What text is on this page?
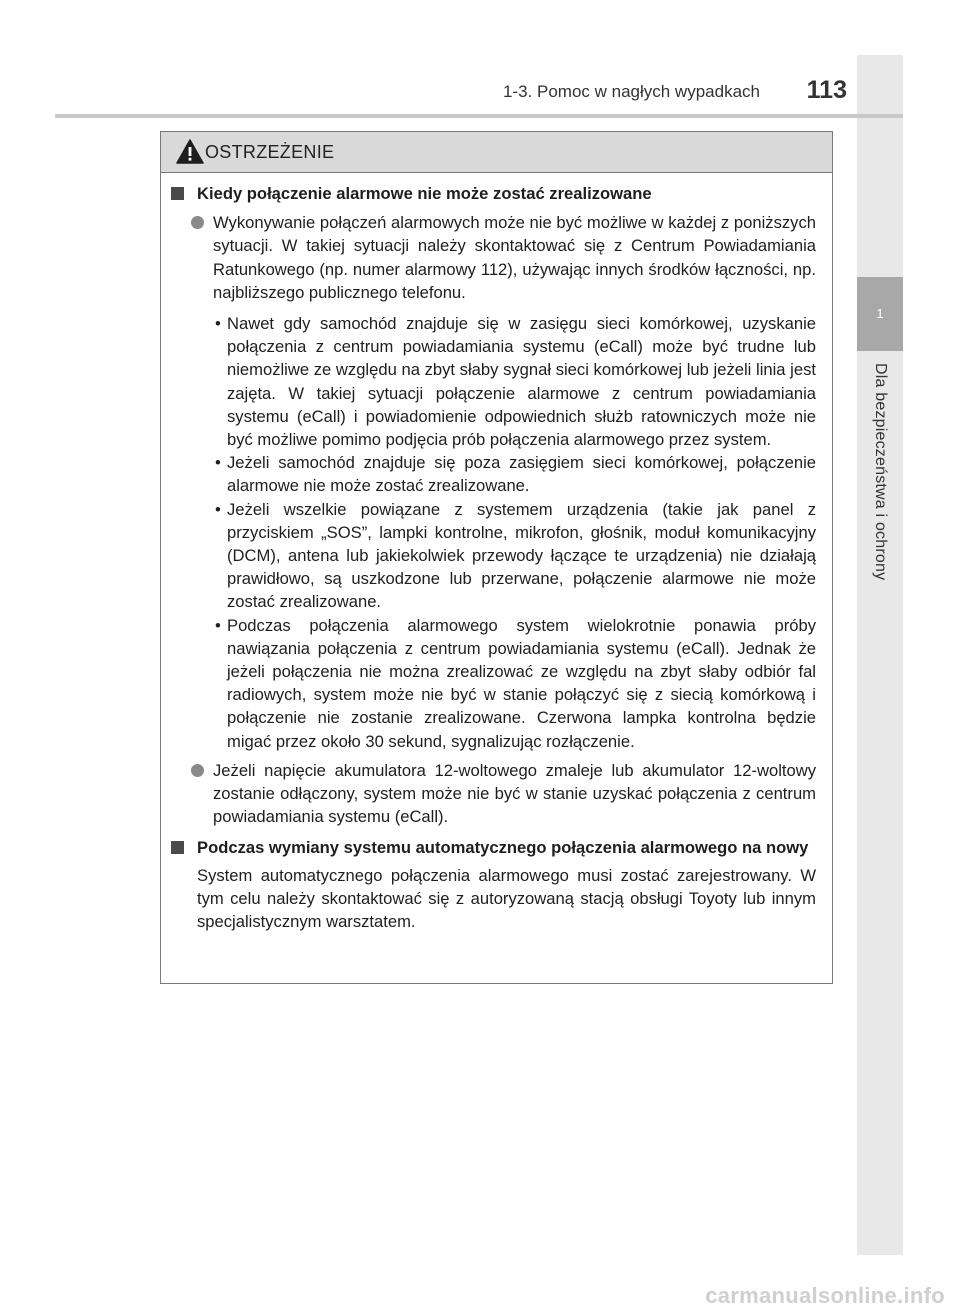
1
Dla bezpieczeństwa i ochrony
1-3. Pomoc w nagłych wypadkach	113
OSTRZEŻENIE
Kiedy połączenie alarmowe nie może zostać zrealizowane
Wykonywanie połączeń alarmowych może nie być możliwe w każdej z poniższych sytuacji. W takiej sytuacji należy skontaktować się z Centrum Powiadamiania Ratunkowego (np. numer alarmowy 112), używając innych środków łączności, np. najbliższego publicznego telefonu.

• Nawet gdy samochód znajduje się w zasięgu sieci komórkowej, uzyskanie połączenia z centrum powiadamiania systemu (eCall) może być trudne lub niemożliwe ze względu na zbyt słaby sygnał sieci komórkowej lub jeżeli linia jest zajęta. W takiej sytuacji połączenie alarmowe z centrum powiadamiania systemu (eCall) i powiadomienie odpowiednich służb ratowniczych może nie być możliwe pomimo podjęcia prób połączenia alarmowego przez system.

• Jeżeli samochód znajduje się poza zasięgiem sieci komórkowej, połączenie alarmowe nie może zostać zrealizowane.

• Jeżeli wszelkie powiązane z systemem urządzenia (takie jak panel z przyciskiem „SOS”, lampki kontrolne, mikrofon, głośnik, moduł komunikacyjny (DCM), antena lub jakiekolwiek przewody łączące te urządzenia) nie działają prawidłowo, są uszkodzone lub przerwane, połączenie alarmowe nie może zostać zrealizowane.

• Podczas połączenia alarmowego system wielokrotnie ponawia próby nawiązania połączenia z centrum powiadamiania systemu (eCall). Jednak że jeżeli połączenia nie można zrealizować ze względu na zbyt słaby odbiór fal radiowych, system może nie być w stanie połączyć się z siecią komórkową i połączenie nie zostanie zrealizowane. Czerwona lampka kontrolna będzie migać przez około 30 sekund, sygnalizując rozłączenie.

Jeżeli napięcie akumulatora 12-woltowego zmaleje lub akumulator 12-woltowy zostanie odłączony, system może nie być w stanie uzyskać połączenia z centrum powiadamiania systemu (eCall).
Podczas wymiany systemu automatycznego połączenia alarmowego na nowy

System automatycznego połączenia alarmowego musi zostać zarejestrowany. W tym celu należy skontaktować się z autoryzowaną stacją obsługi Toyoty lub innym specjalistycznym warsztatem.

carmanualsonline.info
